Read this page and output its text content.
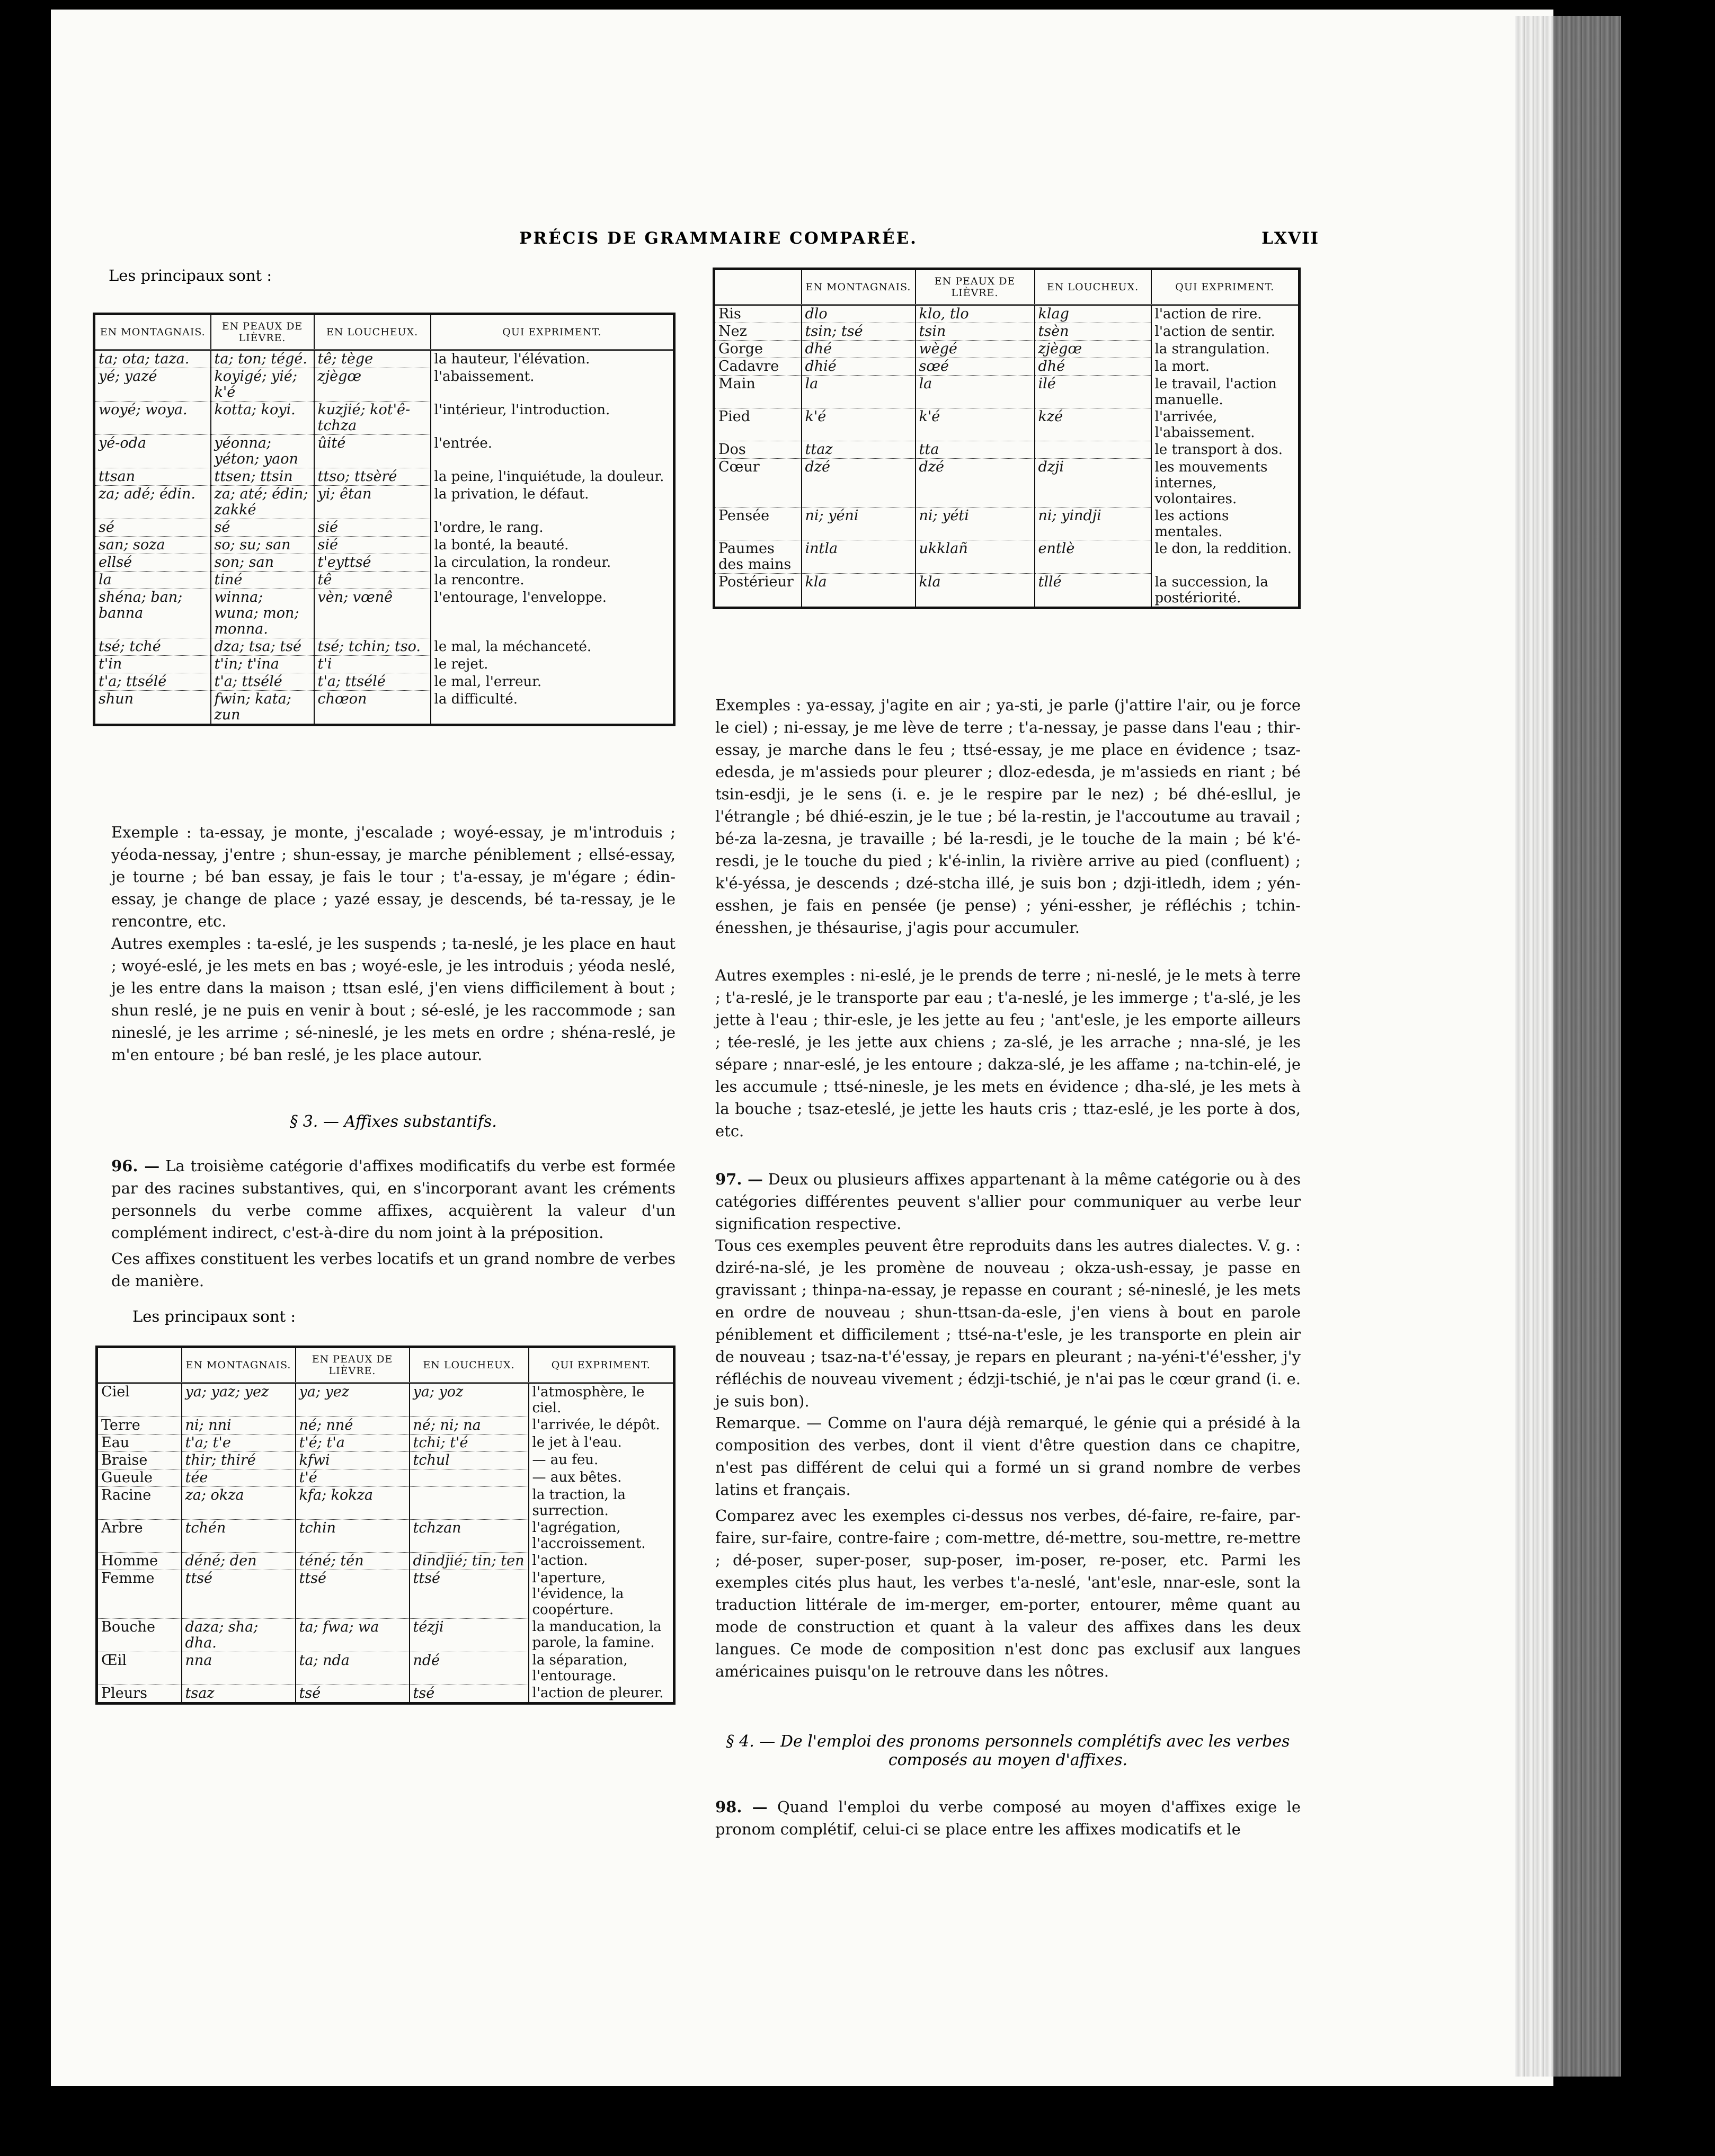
PRÉCIS DE GRAMMAIRE COMPARÉE.	LXVII
Les principaux sont :
EN MONTAGNAIS.	EN PEAUX DE LIÈVRE.	EN LOUCHEUX.	QUI EXPRIMENT.
ta; ota; taza.	ta; ton; tégé.	tê; tège	la hauteur, l'élévation.
yé; yazé	koyigé; yié; k'é	zjègœ	l'abaissement.
woyé; woya.	kotta; koyi.	kuzjié; kot'ê-tchza	l'intérieur, l'introduction.
yé-oda	yéonna; yéton; yaon	ûité	l'entrée.
ttsan	ttsen; ttsin	ttso; ttsèré	la peine, l'inquiétude, la douleur.
za; adé; édin.	za; até; édin; zakké	yi; êtan	la privation, le défaut.
sé	sé	sié	l'ordre, le rang.
san; soza	so; su; san	sié	la bonté, la beauté.
ellsé	son; san	t'eyttsé	la circulation, la rondeur.
la	tiné	tê	la rencontre.
shéna; ban; banna	winna; wuna; mon; monna.	vèn; vœnê	l'entourage, l'enveloppe.
tsé; tché	dza; tsa; tsé	tsé; tchin; tso.	le mal, la méchanceté.
t'in	t'in; t'ina	t'i	le rejet.
t'a; ttsélé	t'a; ttsélé	t'a; ttsélé	le mal, l'erreur.
shun	fwin; kata; zun	chœon	la difficulté.
Exemple : ta-essay, je monte, j'escalade ; woyé-essay, je m'introduis ; yéoda-nessay, j'entre ; shun-essay, je marche péniblement ; ellsé-essay, je tourne ; bé ban essay, je fais le tour ; t'a-essay, je m'égare ; édin-essay, je change de place ; yazé essay, je descends, bé ta-ressay, je le rencontre, etc.
Autres exemples : ta-eslé, je les suspends ; ta-neslé, je les place en haut ; woyé-eslé, je les mets en bas ; woyé-esle, je les introduis ; yéoda neslé, je les entre dans la maison ; ttsan eslé, j'en viens difficilement à bout ; shun reslé, je ne puis en venir à bout ; sé-eslé, je les raccommode ; san nineslé, je les arrime ; sé-nineslé, je les mets en ordre ; shéna-reslé, je m'en entoure ; bé ban reslé, je les place autour.
§ 3. — Affixes substantifs.
96. — La troisième catégorie d'affixes modificatifs du verbe est formée par des racines substantives, qui, en s'incorporant avant les créments personnels du verbe comme affixes, acquièrent la valeur d'un complément indirect, c'est-à-dire du nom joint à la préposition.
Ces affixes constituent les verbes locatifs et un grand nombre de verbes de manière.
Les principaux sont :
	EN MONTAGNAIS.	EN PEAUX DE LIÈVRE.	EN LOUCHEUX.	QUI EXPRIMENT.
Ciel	ya; yaz; yez	ya; yez	ya; yoz	l'atmosphère, le ciel.
Terre	ni; nni	né; nné	né; ni; na	l'arrivée, le dépôt.
Eau	t'a; t'e	t'é; t'a	tchi; t'é	le jet à l'eau.
Braise	thir; thiré	kfwi	tchul	— au feu.
Gueule	tée	t'é		— aux bêtes.
Racine	za; okza	kfa; kokza		la traction, la surrection.
Arbre	tchén	tchin	tchzan	l'agrégation, l'accroissement.
Homme	déné; den	téné; tén	dindjié; tin; ten	l'action.
Femme	ttsé	ttsé	ttsé	l'aperture, l'évidence, la coopérture.
Bouche	daza; sha; dha.	ta; fwa; wa	tézji	la manducation, la parole, la famine.
Œil	nna	ta; nda	ndé	la séparation, l'entourage.
Pleurs	tsaz	tsé	tsé	l'action de pleurer.
	EN MONTAGNAIS.	EN PEAUX DE LIÈVRE.	EN LOUCHEUX.	QUI EXPRIMENT.
Ris	dlo	klo, tlo	klag	l'action de rire.
Nez	tsin; tsé	tsin	tsèn	l'action de sentir.
Gorge	dhé	wègé	zjègœ	la strangulation.
Cadavre	dhié	sœé	dhé	la mort.
Main	la	la	ilé	le travail, l'action manuelle.
Pied	k'é	k'é	kzé	l'arrivée, l'abaissement.
Dos	ttaz	tta		le transport à dos.
Cœur	dzé	dzé	dzji	les mouvements internes, volontaires.
Pensée	ni; yéni	ni; yéti	ni; yindji	les actions mentales.
Paumes des mains	intla	ukklañ	entlè	le don, la reddition.
Postérieur	kla	kla	tllé	la succession, la postériorité.
Exemples : ya-essay, j'agite en air ; ya-sti, je parle (j'attire l'air, ou je force le ciel) ; ni-essay, je me lève de terre ; t'a-nessay, je passe dans l'eau ; thir-essay, je marche dans le feu ; ttsé-essay, je me place en évidence ; tsaz-edesda, je m'assieds pour pleurer ; dloz-edesda, je m'assieds en riant ; bé tsin-esdji, je le sens (i. e. je le respire par le nez) ; bé dhé-esllul, je l'étrangle ; bé dhié-eszin, je le tue ; bé la-restin, je l'accoutume au travail ; bé-za la-zesna, je travaille ; bé la-resdi, je le touche de la main ; bé k'é-resdi, je le touche du pied ; k'é-inlin, la rivière arrive au pied (confluent) ; k'é-yéssa, je descends ; dzé-stcha illé, je suis bon ; dzji-itledh, idem ; yén-esshen, je fais en pensée (je pense) ; yéni-essher, je réfléchis ; tchin-énesshen, je thésaurise, j'agis pour accumuler.
Autres exemples : ni-eslé, je le prends de terre ; ni-neslé, je le mets à terre ; t'a-reslé, je le transporte par eau ; t'a-neslé, je les immerge ; t'a-slé, je les jette à l'eau ; thir-esle, je les jette au feu ; 'ant'esle, je les emporte ailleurs ; tée-reslé, je les jette aux chiens ; za-slé, je les arrache ; nna-slé, je les sépare ; nnar-eslé, je les entoure ; dakza-slé, je les affame ; na-tchin-elé, je les accumule ; ttsé-ninesle, je les mets en évidence ; dha-slé, je les mets à la bouche ; tsaz-eteslé, je jette les hauts cris ; ttaz-eslé, je les porte à dos, etc.
97. — Deux ou plusieurs affixes appartenant à la même catégorie ou à des catégories différentes peuvent s'allier pour communiquer au verbe leur signification respective.
Tous ces exemples peuvent être reproduits dans les autres dialectes. V. g. : dziré-na-slé, je les promène de nouveau ; okza-ush-essay, je passe en gravissant ; thinpa-na-essay, je repasse en courant ; sé-nineslé, je les mets en ordre de nouveau ; shun-ttsan-da-esle, j'en viens à bout en parole péniblement et difficilement ; ttsé-na-t'esle, je les transporte en plein air de nouveau ; tsaz-na-t'é'essay, je repars en pleurant ; na-yéni-t'é'essher, j'y réfléchis de nouveau vivement ; édzji-tschié, je n'ai pas le cœur grand (i. e. je suis bon).
Remarque. — Comme on l'aura déjà remarqué, le génie qui a présidé à la composition des verbes, dont il vient d'être question dans ce chapitre, n'est pas différent de celui qui a formé un si grand nombre de verbes latins et français.
Comparez avec les exemples ci-dessus nos verbes, dé-faire, re-faire, par-faire, sur-faire, contre-faire ; com-mettre, dé-mettre, sou-mettre, re-mettre ; dé-poser, super-poser, sup-poser, im-poser, re-poser, etc. Parmi les exemples cités plus haut, les verbes t'a-neslé, 'ant'esle, nnar-esle, sont la traduction littérale de im-merger, em-porter, entourer, même quant au mode de construction et quant à la valeur des affixes dans les deux langues. Ce mode de composition n'est donc pas exclusif aux langues américaines puisqu'on le retrouve dans les nôtres.
§ 4. — De l'emploi des pronoms personnels complétifs avec les verbes composés au moyen d'affixes.
98. — Quand l'emploi du verbe composé au moyen d'affixes exige le pronom complétif, celui-ci se place entre les affixes modicatifs et le
